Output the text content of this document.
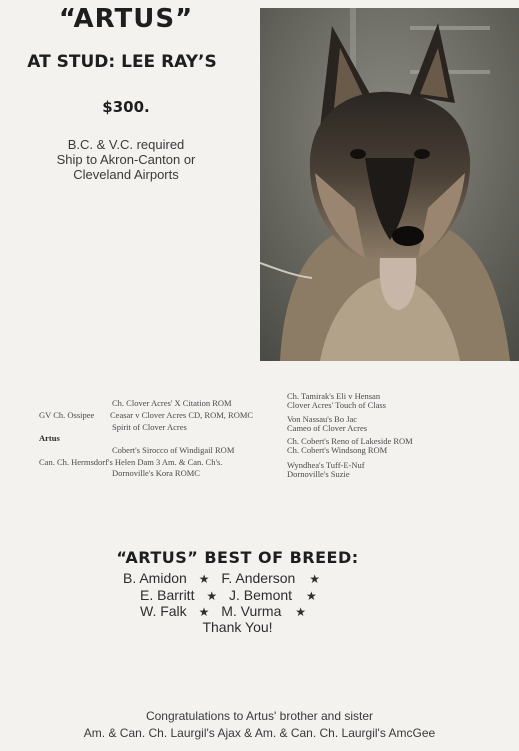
“ARTUS”
AT STUD: LEE RAY’S
$300.
B.C. & V.C. required
Ship to Akron-Canton or
Cleveland Airports
Ch. Clover Acres' X Citation ROM
GV Ch. Ossipee Ceasar v Clover Acres CD, ROM, ROMC
Spirit of Clover Acres
Artus
Cobert's Sirocco of Windigail ROM
Can. Ch. Hermsdorf's Helen Dam 3 Am. & Can. Ch's.
Dornoville's Kora ROMC
Ch. Tamirak's Eli v Hensan
Clover Acres' Touch of Class
Von Nassau's Bo Jac
Cameo of Clover Acres
Ch. Cobert's Reno of Lakeside ROM
Ch. Cobert's Windsong ROM
Wyndhea's Tuff-E-Nuf
Dornoville's Suzie
“ARTUS” BEST OF BREED:
B. Amidon ★ F. Anderson ★
E. Barritt ★ J. Bemont ★
W. Falk ★ M. Vurma ★
Thank You!
Congratulations to Artus' brother and sister
Am. & Can. Ch. Laurgil's Ajax & Am. & Can. Ch. Laurgil's AmcGee
